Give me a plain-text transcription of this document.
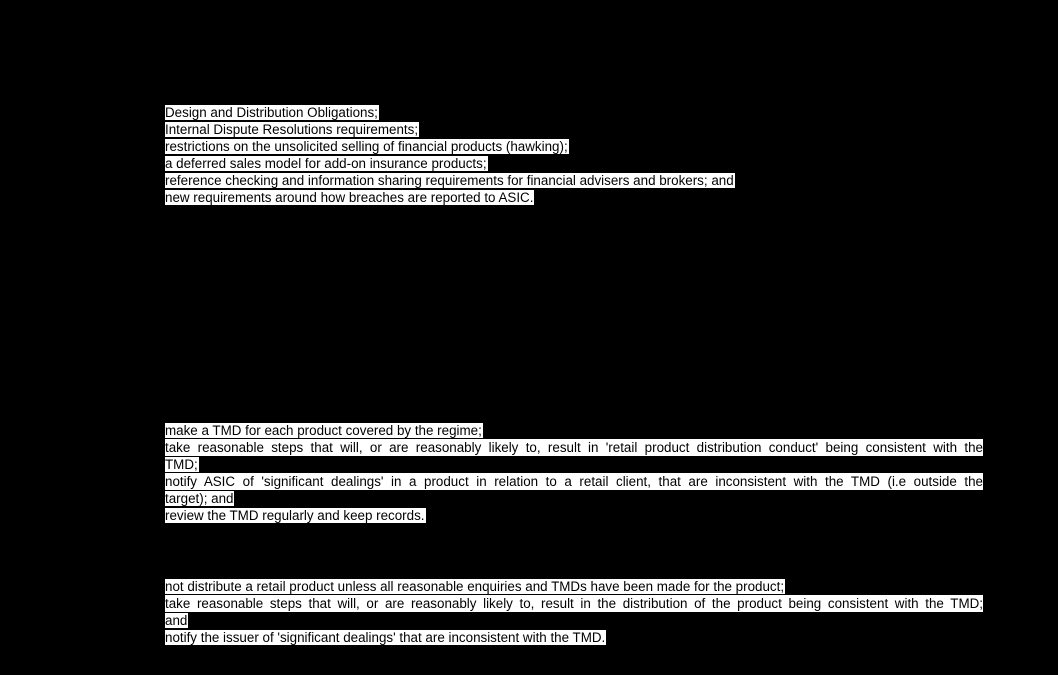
Design and Distribution Obligations;
Internal Dispute Resolutions requirements;
restrictions on the unsolicited selling of financial products (hawking);
a deferred sales model for add-on insurance products;
reference checking and information sharing requirements for financial advisers and brokers; and
new requirements around how breaches are reported to ASIC.
make a TMD for each product covered by the regime;
take reasonable steps that will, or are reasonably likely to, result in 'retail product distribution conduct' being consistent with the
TMD;
notify ASIC of 'significant dealings' in a product in relation to a retail client, that are inconsistent with the TMD (i.e outside the
target); and
review the TMD regularly and keep records.
not distribute a retail product unless all reasonable enquiries and TMDs have been made for the product;
take reasonable steps that will, or are reasonably likely to, result in the distribution of the product being consistent with the TMD;
and
notify the issuer of 'significant dealings' that are inconsistent with the TMD.
